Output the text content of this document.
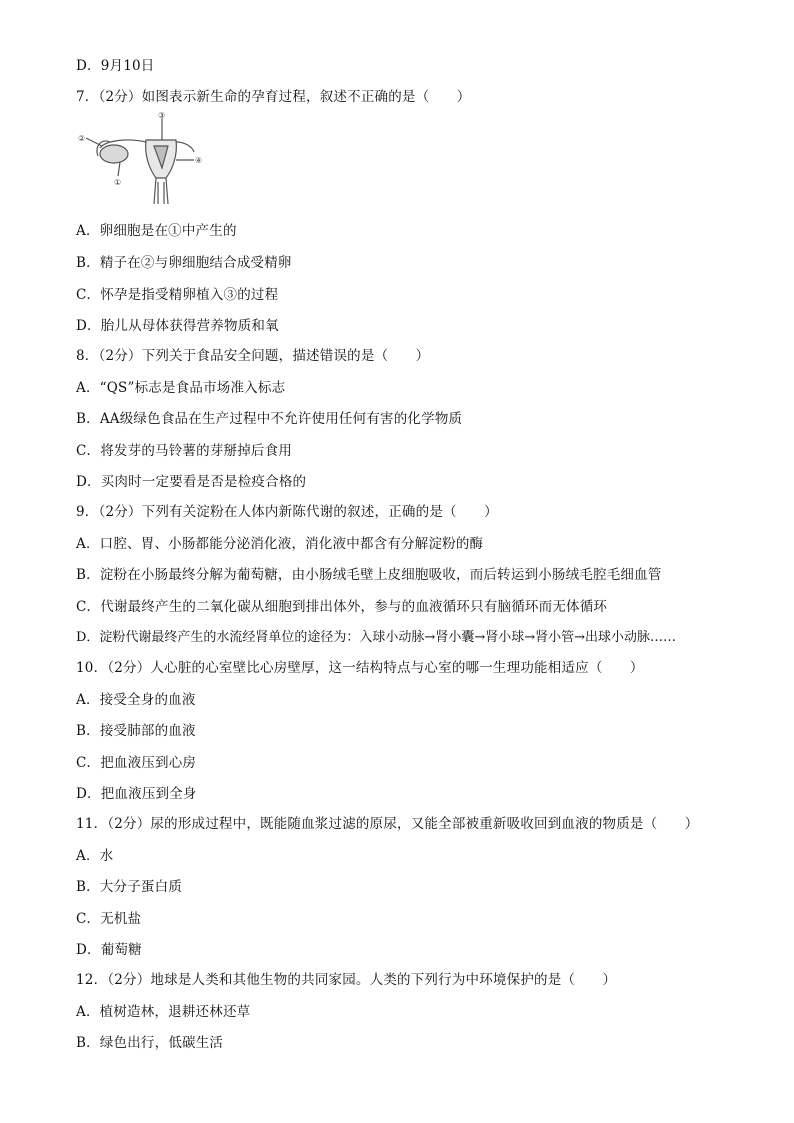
D．9月10日
7．（2分）如图表示新生命的孕育过程，叙述不正确的是（　　）
②
③
④
①
A．卵细胞是在①中产生的
B．精子在②与卵细胞结合成受精卵
C．怀孕是指受精卵植入③的过程
D．胎儿从母体获得营养物质和氧
8．（2分）下列关于食品安全问题，描述错误的是（　　）
A．“QS”标志是食品市场准入标志
B．AA级绿色食品在生产过程中不允许使用任何有害的化学物质
C．将发芽的马铃薯的芽掰掉后食用
D．买肉时一定要看是否是检疫合格的
9．（2分）下列有关淀粉在人体内新陈代谢的叙述，正确的是（　　）
A．口腔、胃、小肠都能分泌消化液，消化液中都含有分解淀粉的酶
B．淀粉在小肠最终分解为葡萄糖，由小肠绒毛壁上皮细胞吸收，而后转运到小肠绒毛腔毛细血管
C．代谢最终产生的二氧化碳从细胞到排出体外，参与的血液循环只有脑循环而无体循环
D．淀粉代谢最终产生的水流经肾单位的途径为：入球小动脉→肾小囊→肾小球→肾小管→出球小动脉……
10．（2分）人心脏的心室壁比心房壁厚，这一结构特点与心室的哪一生理功能相适应（　　）
A．接受全身的血液
B．接受肺部的血液
C．把血液压到心房
D．把血液压到全身
11．（2分）尿的形成过程中，既能随血浆过滤的原尿，又能全部被重新吸收回到血液的物质是（　　）
A．水
B．大分子蛋白质
C．无机盐
D．葡萄糖
12．（2分）地球是人类和其他生物的共同家园。人类的下列行为中环境保护的是（　　）
A．植树造林，退耕还林还草
B．绿色出行，低碳生活
